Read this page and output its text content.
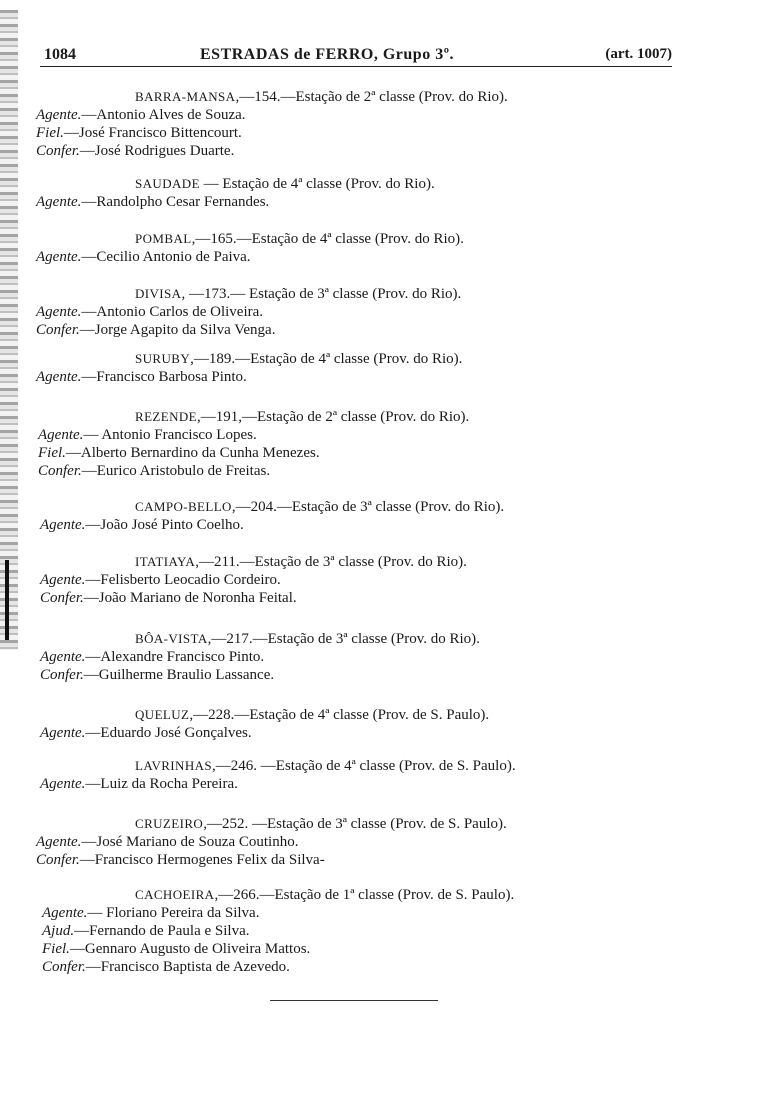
1084	ESTRADAS de FERRO, Grupo 3º.	(art. 1007)
BARRA-MANSA,—154.—Estação de 2ª classe (Prov. do Rio).
Agente.—Antonio Alves de Souza.
Fiel.—José Francisco Bittencourt.
Confer.—José Rodrigues Duarte.
SAUDADE — Estação de 4ª classe (Prov. do Rio).
Agente.—Randolpho Cesar Fernandes.
POMBAL,—165.—Estação de 4ª classe (Prov. do Rio).
Agente.—Cecilio Antonio de Paiva.
DIVISA, —173.— Estação de 3ª classe (Prov. do Rio).
Agente.—Antonio Carlos de Oliveira.
Confer.—Jorge Agapito da Silva Venga.
SURUBY,—189.—Estação de 4ª classe (Prov. do Rio).
Agente.—Francisco Barbosa Pinto.
REZENDE,—191,—Estação de 2ª classe (Prov. do Rio).
Agente.— Antonio Francisco Lopes.
Fiel.—Alberto Bernardino da Cunha Menezes.
Confer.—Eurico Aristobulo de Freitas.
CAMPO-BELLO,—204.—Estação de 3ª classe (Prov. do Rio).
Agente.—João José Pinto Coelho.
ITATIAYA,—211.—Estação de 3ª classe (Prov. do Rio).
Agente.—Felisberto Leocadio Cordeiro.
Confer.—João Mariano de Noronha Feital.
BÔA-VISTA,—217.—Estação de 3ª classe (Prov. do Rio).
Agente.—Alexandre Francisco Pinto.
Confer.—Guilherme Braulio Lassance.
QUELUZ,—228.—Estação de 4ª classe (Prov. de S. Paulo).
Agente.—Eduardo José Gonçalves.
LAVRINHAS,—246. —Estação de 4ª classe (Prov. de S. Paulo).
Agente.—Luiz da Rocha Pereira.
CRUZEIRO,—252. —Estação de 3ª classe (Prov. de S. Paulo).
Agente.—José Mariano de Souza Coutinho.
Confer.—Francisco Hermogenes Felix da Silva-
CACHOEIRA,—266.—Estação de 1ª classe (Prov. de S. Paulo).
Agente.— Floriano Pereira da Silva.
Ajud.—Fernando de Paula e Silva.
Fiel.—Gennaro Augusto de Oliveira Mattos.
Confer.—Francisco Baptista de Azevedo.
